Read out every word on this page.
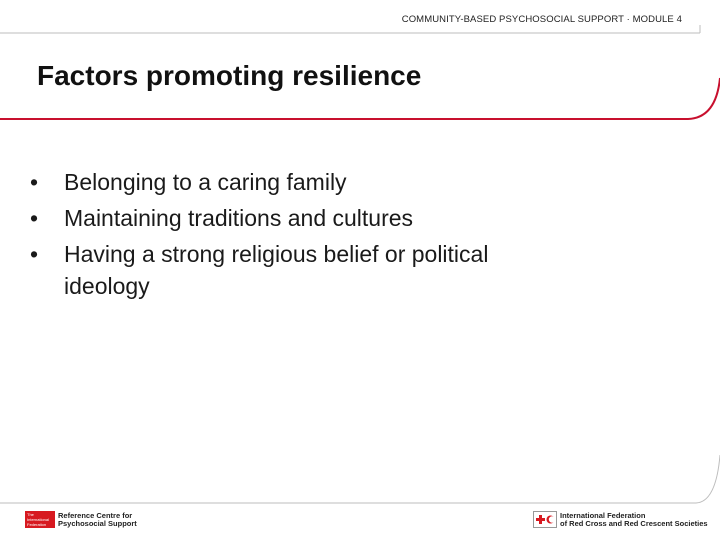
COMMUNITY-BASED PSYCHOSOCIAL SUPPORT · MODULE 4
Factors promoting resilience
•	Belonging to a caring family
•	Maintaining traditions and cultures
•	Having a strong religious belief or political ideology
The International Federation
Reference Centre for
Psychosocial Support
International Federation
of Red Cross and Red Crescent Societies
